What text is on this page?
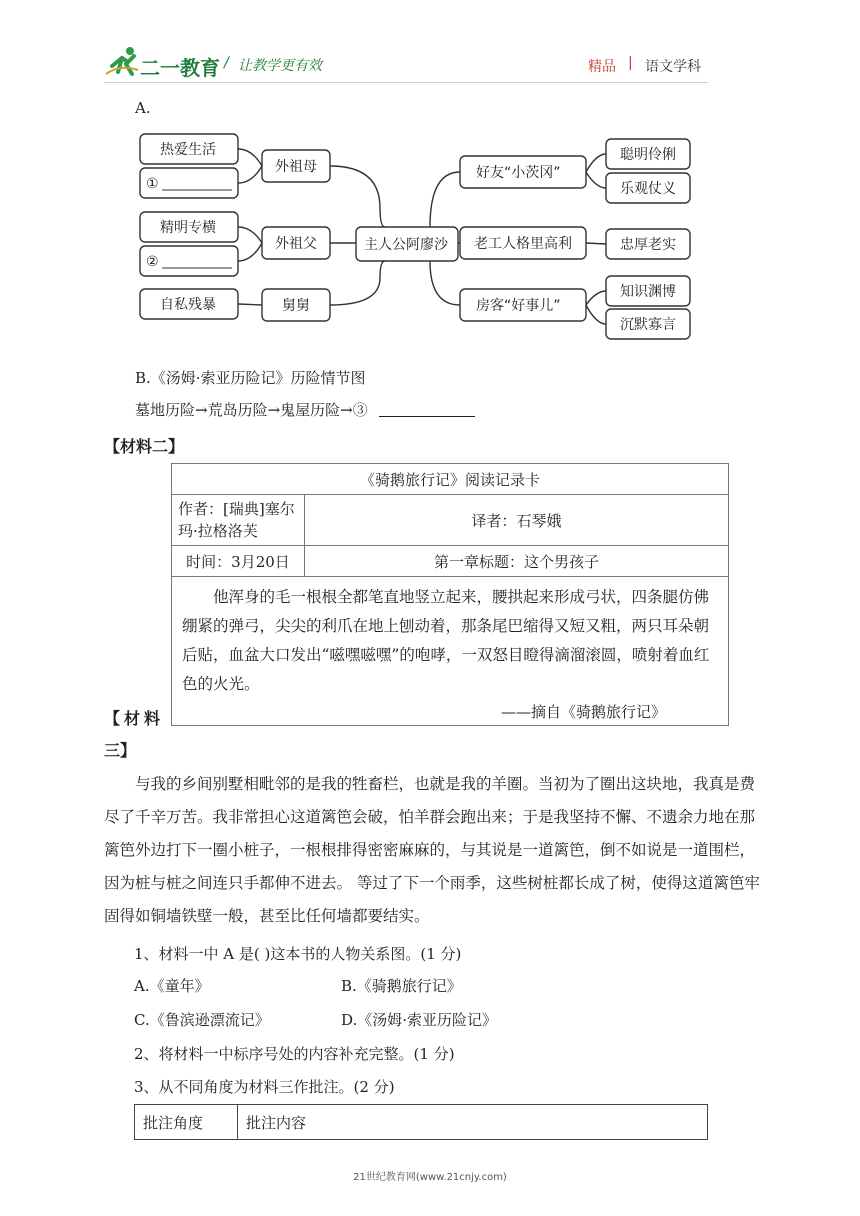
二一教育 / 让教学更有效	精品 | 语文学科
A.
热爱生活
①
精明专横
②
自私残暴
外祖母
外祖父
舅舅
主人公阿廖沙
好友“小茨冈”
老工人格里高利
房客“好事儿”
聪明伶俐
乐观仗义
忠厚老实
知识渊博
沉默寡言
B.《汤姆·索亚历险记》历险情节图
墓地历险→荒岛历险→鬼屋历险→③
【材料二】
《骑鹅旅行记》阅读记录卡	
作者：[瑞典]塞尔玛·拉格洛芙	译者：石琴娥
时间：3月20日	第一章标题：这个男孩子

他浑身的毛一根根全都笔直地竖立起来，腰拱起来形成弓状，四条腿仿佛绷紧的弹弓，尖尖的利爪在地上刨动着，那条尾巴缩得又短又粗，两只耳朵朝后贴，血盆大口发出“嗞嘿嗞嘿”的咆哮，一双怒目瞪得滴溜滚圆，喷射着血红色的火光。
——摘自《骑鹅旅行记》	
【材料
三】
与我的乡间别墅相毗邻的是我的牲畜栏，也就是我的羊圈。当初为了圈出这块地，我真是费尽了千辛万苦。我非常担心这道篱笆会破，怕羊群会跑出来；于是我坚持不懈、不遗余力地在那篱笆外边打下一圈小桩子，一根根排得密密麻麻的，与其说是一道篱笆，倒不如说是一道围栏，因为桩与桩之间连只手都伸不进去。 等过了下一个雨季，这些树桩都长成了树，使得这道篱笆牢固得如铜墙铁壁一般，甚至比任何墙都要结实。
1、材料一中 A 是( )这本书的人物关系图。(1 分)
A.《童年》	B.《骑鹅旅行记》
C.《鲁滨逊漂流记》	D.《汤姆·索亚历险记》
2、将材料一中标序号处的内容补充完整。(1 分)
3、从不同角度为材料三作批注。(2 分)
批注角度	批注内容
21世纪教育网(www.21cnjy.com)
